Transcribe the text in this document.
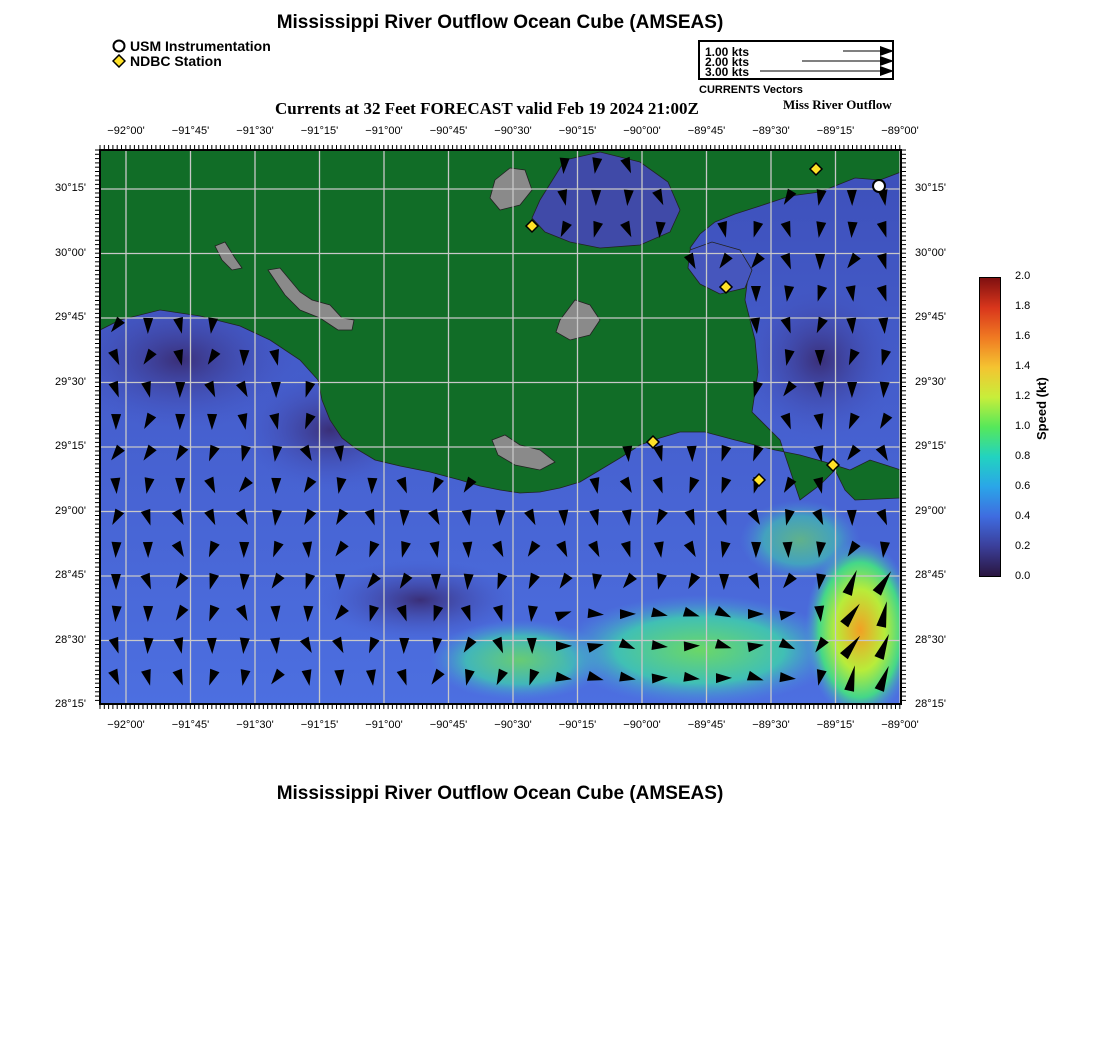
Mississippi River Outflow Ocean Cube (AMSEAS)
USM Instrumentation
NDBC Station
1.00 kts
2.00 kts
3.00 kts
CURRENTS Vectors
Currents at 32 Feet FORECAST valid Feb 19 2024 21:00Z	Miss River Outflow
−92°00'	−91°45'	−91°30'	−91°15'	−91°00'	−90°45'	−90°30'	−90°15'	−90°00'	−89°45'	−89°30'	−89°15'	−89°00'
−92°00'	−91°45'	−91°30'	−91°15'	−91°00'	−90°45'	−90°30'	−90°15'	−90°00'	−89°45'	−89°30'	−89°15'	−89°00'
30°15'
30°00'
29°45'
29°30'
29°15'
29°00'
28°45'
28°30'
28°15'
30°15'
30°00'
29°45'
29°30'
29°15'
29°00'
28°45'
28°30'
28°15'
2.0
1.8
1.6
1.4
1.2
1.0
0.8
0.6
0.4
0.2
0.0
Speed (kt)
Mississippi River Outflow Ocean Cube (AMSEAS)
